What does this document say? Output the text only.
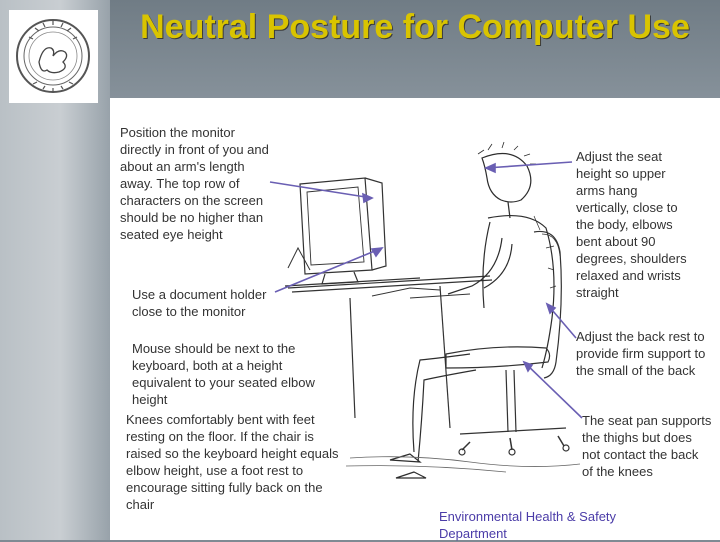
Neutral Posture for Computer Use

Position the monitor directly in front of you and about an arm's length away. The top row of characters on the screen should be no higher than seated eye height

Use a document holder close to the monitor

Mouse should be next to the keyboard, both at a height equivalent to your seated elbow height

Knees comfortably bent with feet resting on the floor. If the chair is raised so the keyboard height equals elbow height, use a foot rest to encourage sitting fully back on the chair

Adjust the seat height so upper arms hang vertically, close to the body, elbows bent about 90 degrees, shoulders relaxed and wrists straight

Adjust the back rest to provide firm support to the small of the back

The seat pan supports the thighs but does not contact the back of the knees

Environmental Health & Safety Department
